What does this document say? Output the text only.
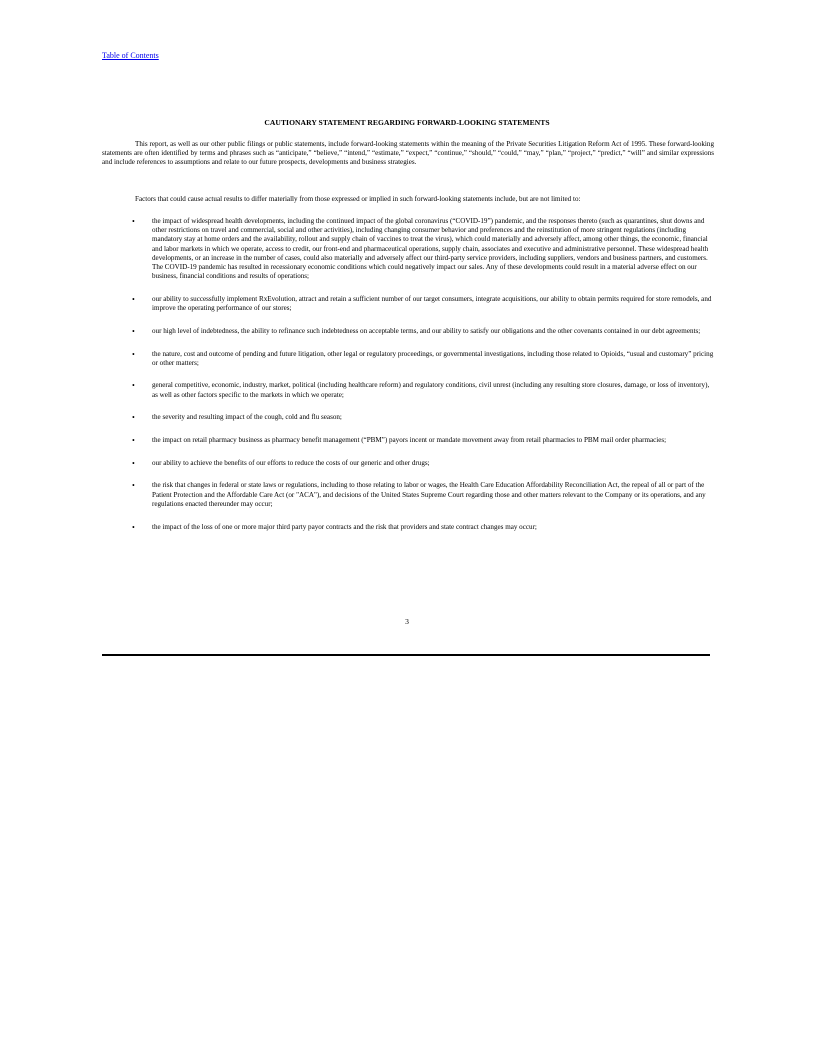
Table of Contents
CAUTIONARY STATEMENT REGARDING FORWARD-LOOKING STATEMENTS

This report, as well as our other public filings or public statements, include forward-looking statements within the meaning of the Private Securities Litigation Reform Act of 1995. These forward-looking statements are often identified by terms and phrases such as “anticipate,” “believe,” “intend,” “estimate,” “expect,” “continue,” “should,” “could,” “may,” “plan,” “project,” “predict,” “will” and similar expressions and include references to assumptions and relate to our future prospects, developments and business strategies.

Factors that could cause actual results to differ materially from those expressed or implied in such forward-looking statements include, but are not limited to:

• the impact of widespread health developments, including the continued impact of the global coronavirus (“COVID-19”) pandemic, and the responses thereto (such as quarantines, shut downs and other restrictions on travel and commercial, social and other activities), including changing consumer behavior and preferences and the reinstitution of more stringent regulations (including mandatory stay at home orders and the availability, rollout and supply chain of vaccines to treat the virus), which could materially and adversely affect, among other things, the economic, financial and labor markets in which we operate, access to credit, our front-end and pharmaceutical operations, supply chain, associates and executive and administrative personnel. These widespread health developments, or an increase in the number of cases, could also materially and adversely affect our third-party service providers, including suppliers, vendors and business partners, and customers. The COVID-19 pandemic has resulted in recessionary economic conditions which could negatively impact our sales. Any of these developments could result in a material adverse effect on our business, financial conditions and results of operations;
• our ability to successfully implement RxEvolution, attract and retain a sufficient number of our target consumers, integrate acquisitions, our ability to obtain permits required for store remodels, and improve the operating performance of our stores;
• our high level of indebtedness, the ability to refinance such indebtedness on acceptable terms, and our ability to satisfy our obligations and the other covenants contained in our debt agreements;
• the nature, cost and outcome of pending and future litigation, other legal or regulatory proceedings, or governmental investigations, including those related to Opioids, “usual and customary” pricing or other matters;
• general competitive, economic, industry, market, political (including healthcare reform) and regulatory conditions, civil unrest (including any resulting store closures, damage, or loss of inventory), as well as other factors specific to the markets in which we operate;
• the severity and resulting impact of the cough, cold and flu season;
• the impact on retail pharmacy business as pharmacy benefit management (“PBM”) payors incent or mandate movement away from retail pharmacies to PBM mail order pharmacies;
• our ability to achieve the benefits of our efforts to reduce the costs of our generic and other drugs;
• the risk that changes in federal or state laws or regulations, including to those relating to labor or wages, the Health Care Education Affordability Reconciliation Act, the repeal of all or part of the Patient Protection and the Affordable Care Act (or "ACA"), and decisions of the United States Supreme Court regarding those and other matters relevant to the Company or its operations, and any regulations enacted thereunder may occur;
• the impact of the loss of one or more major third party payor contracts and the risk that providers and state contract changes may occur;
3
